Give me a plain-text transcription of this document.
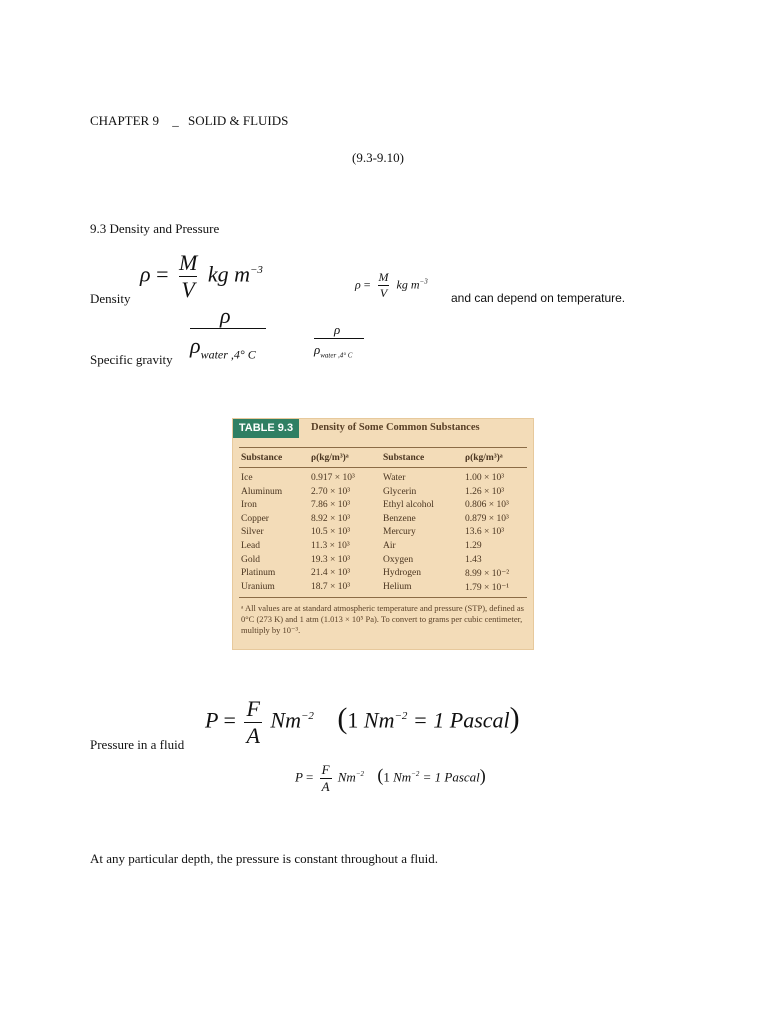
CHAPTER 9 _ SOLID & FLUIDS
(9.3-9.10)
9.3 Density and Pressure
Density
$\rho = \frac{M}{V}$ kg $m^{-3}$
$\rho = \frac{M}{V}$ kg $m^{-3}$
and can depend on temperature.
Specific gravity
ρ
$\rho_{water ,4^\circ C}$
ρ
$\rho_{water ,4^\circ C}$
TABLE 9.3	Density of Some Common Substances
Substance	ρ(kg/m³)ᵃ	Substance	ρ(kg/m³)ᵃ
Ice	0.917 × 10³	Water	1.00 × 10³
Aluminum	2.70 × 10³	Glycerin	1.26 × 10³
Iron	7.86 × 10³	Ethyl alcohol	0.806 × 10³
Copper	8.92 × 10³	Benzene	0.879 × 10³
Silver	10.5 × 10³	Mercury	13.6 × 10³
Lead	11.3 × 10³	Air	1.29
Gold	19.3 × 10³	Oxygen	1.43
Platinum	21.4 × 10³	Hydrogen	8.99 × 10⁻²
Uranium	18.7 × 10³	Helium	1.79 × 10⁻¹
ᵃ All values are at standard atmospheric temperature and pressure (STP), defined as 0°C (273 K) and 1 atm (1.013 × 10⁵ Pa). To convert to grams per cubic centimeter, multiply by 10⁻³.
Pressure in a fluid
$P = \frac{F}{A} Nm^{-2}$ (1 $Nm^{-2} = 1$ Pascal)
$P = \frac{F}{A} Nm^{-2}$ (1 $Nm^{-2} = 1$ Pascal)
At any particular depth, the pressure is constant throughout a fluid.
